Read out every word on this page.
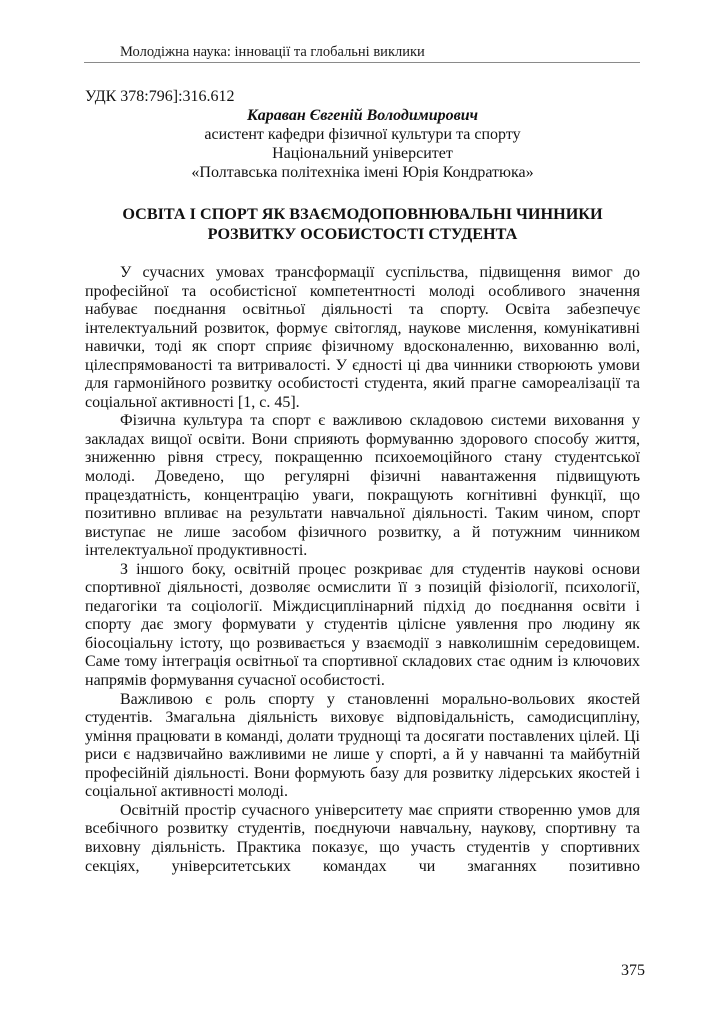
Молодіжна наука: інновації та глобальні виклики

УДК 378:796]:316.612

Караван Євгеній Володимирович
асистент кафедри фізичної культури та спорту
Національний університет
«Полтавська політехніка імені Юрія Кондратюка»
ОСВІТА І СПОРТ ЯК ВЗАЄМОДОПОВНЮВАЛЬНІ ЧИННИКИ
РОЗВИТКУ ОСОБИСТОСТІ СТУДЕНТА

У сучасних умовах трансформації суспільства, підвищення вимог до професійної та особистісної компетентності молоді особливого значення набуває поєднання освітньої діяльності та спорту. Освіта забезпечує інтелектуальний розвиток, формує світогляд, наукове мислення, комунікативні навички, тоді як спорт сприяє фізичному вдосконаленню, вихованню волі, цілеспрямованості та витривалості. У єдності ці два чинники створюють умови для гармонійного розвитку особистості студента, який прагне самореалізації та соціальної активності [1, с. 45].

Фізична культура та спорт є важливою складовою системи виховання у закладах вищої освіти. Вони сприяють формуванню здорового способу життя, зниженню рівня стресу, покращенню психоемоційного стану студентської молоді. Доведено, що регулярні фізичні навантаження підвищують працездатність, концентрацію уваги, покращують когнітивні функції, що позитивно впливає на результати навчальної діяльності. Таким чином, спорт виступає не лише засобом фізичного розвитку, а й потужним чинником інтелектуальної продуктивності.

З іншого боку, освітній процес розкриває для студентів наукові основи спортивної діяльності, дозволяє осмислити її з позицій фізіології, психології, педагогіки та соціології. Міждисциплінарний підхід до поєднання освіти і спорту дає змогу формувати у студентів цілісне уявлення про людину як біосоціальну істоту, що розвивається у взаємодії з навколишнім середовищем. Саме тому інтеграція освітньої та спортивної складових стає одним із ключових напрямів формування сучасної особистості.

Важливою є роль спорту у становленні морально-вольових якостей студентів. Змагальна діяльність виховує відповідальність, самодисципліну, уміння працювати в команді, долати труднощі та досягати поставлених цілей. Ці риси є надзвичайно важливими не лише у спорті, а й у навчанні та майбутній професійній діяльності. Вони формують базу для розвитку лідерських якостей і соціальної активності молоді.

Освітній простір сучасного університету має сприяти створенню умов для всебічного розвитку студентів, поєднуючи навчальну, наукову, спортивну та виховну діяльність. Практика показує, що участь студентів у спортивних секціях, університетських командах чи змаганнях позитивно

375
